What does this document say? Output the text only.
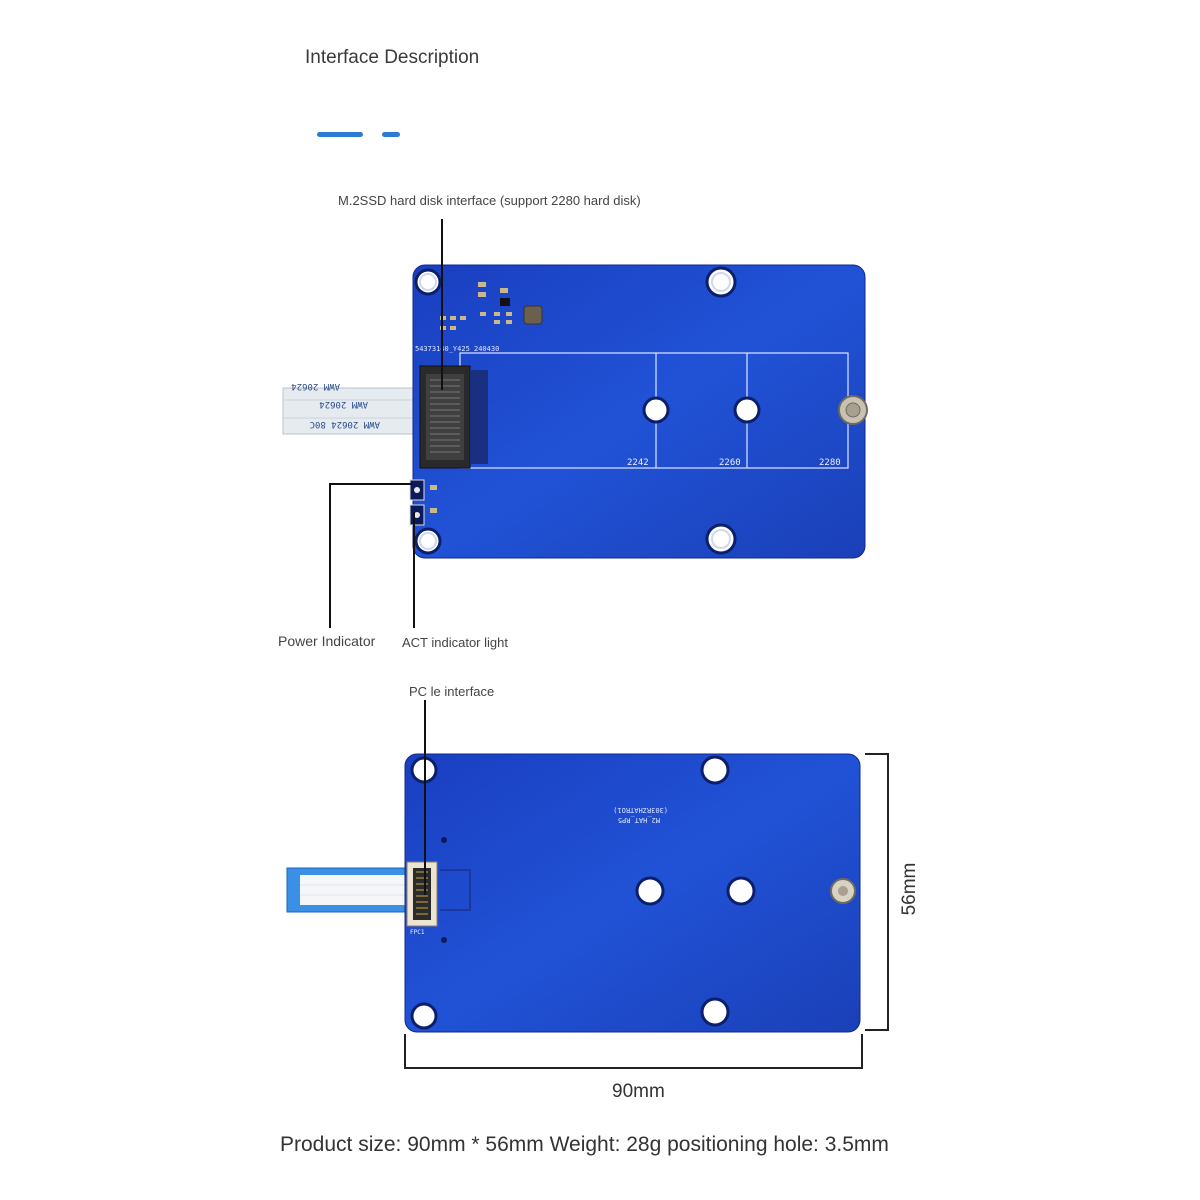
Interface Description
M.2SSD hard disk interface (support 2280 hard disk)
Power Indicator ACT indicator light
PC le interface
AWM 20624 80C
AWM 20624
AWM 20624
2242	2260	2280
54373140_Y425_240430
M2_HAT_RP5
(303RZHATRO1)
FPC1
90mm
56mm
Product size: 90mm * 56mm Weight: 28g positioning hole: 3.5mm
